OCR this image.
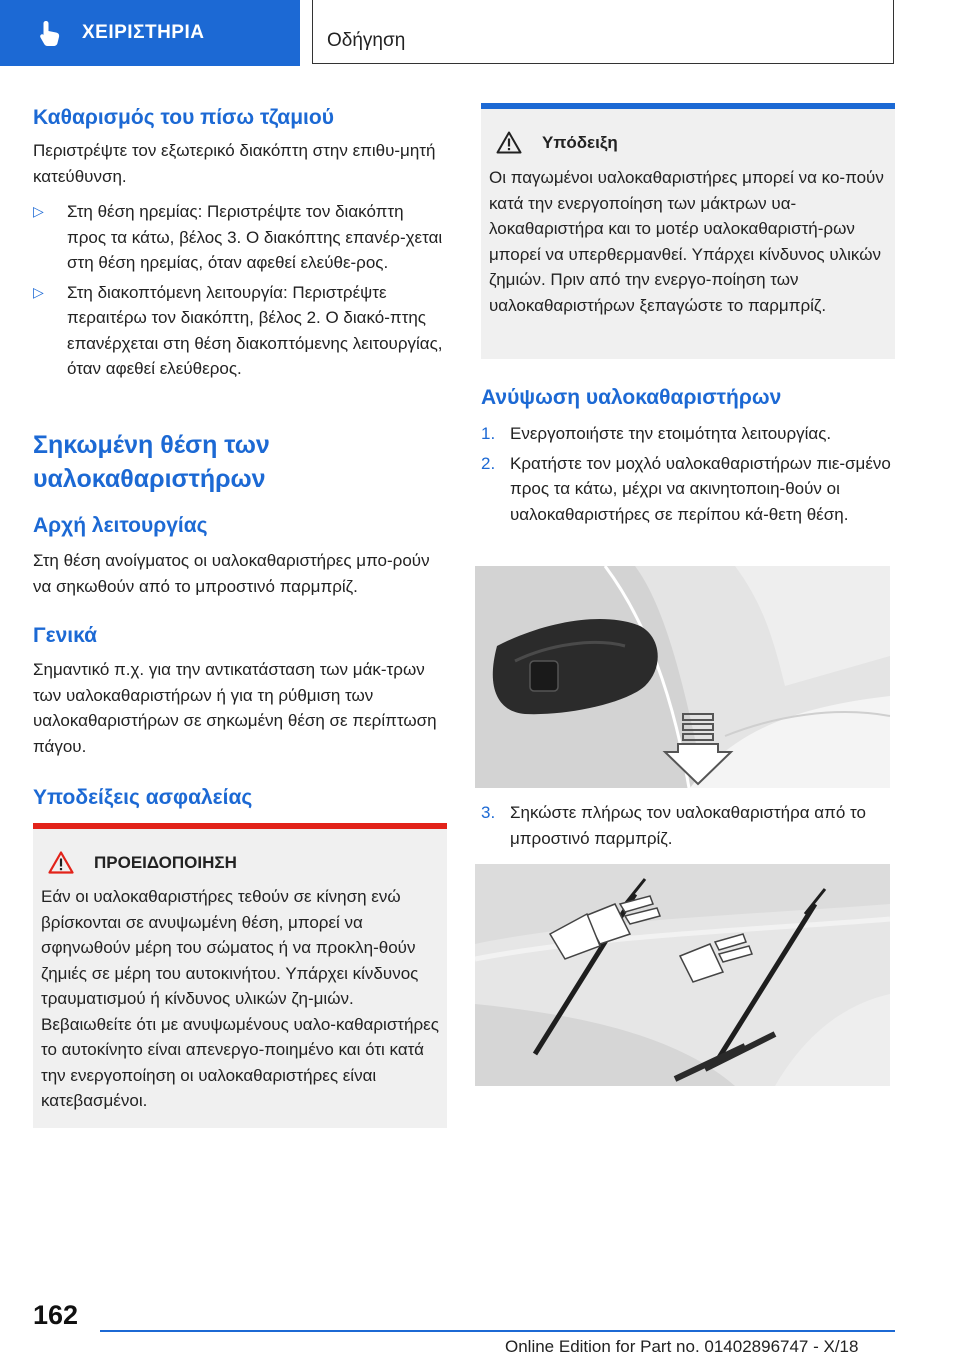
ΧΕΙΡΙΣΤΗΡΙΑ	Οδήγηση
Καθαρισμός του πίσω τζαμιού

Περιστρέψτε τον εξωτερικό διακόπτη στην επιθυ-μητή κατεύθυνση.

▷ Στη θέση ηρεμίας: Περιστρέψτε τον διακόπτη προς τα κάτω, βέλος 3. Ο διακόπτης επανέρ-χεται στη θέση ηρεμίας, όταν αφεθεί ελεύθε-ρος.
▷ Στη διακοπτόμενη λειτουργία: Περιστρέψτε περαιτέρω τον διακόπτη, βέλος 2. Ο διακό-πτης επανέρχεται στη θέση διακοπτόμενης λειτουργίας, όταν αφεθεί ελεύθερος.
Σηκωμένη θέση των υαλοκαθαριστήρων
Αρχή λειτουργίας

Στη θέση ανοίγματος οι υαλοκαθαριστήρες μπο-ρούν να σηκωθούν από το μπροστινό παρμπρίζ.

Γενικά

Σημαντικό π.χ. για την αντικατάσταση των μάκ-τρων των υαλοκαθαριστήρων ή για τη ρύθμιση των υαλοκαθαριστήρων σε σηκωμένη θέση σε περίπτωση πάγου.

Υποδείξεις ασφαλείας
ΠΡΟΕΙΔΟΠΟΙΗΣΗ
Εάν οι υαλοκαθαριστήρες τεθούν σε κίνηση ενώ βρίσκονται σε ανυψωμένη θέση, μπορεί να σφηνωθούν μέρη του σώματος ή να προκλη-θούν ζημιές σε μέρη του αυτοκινήτου. Υπάρχει κίνδυνος τραυματισμού ή κίνδυνος υλικών ζη-μιών. Βεβαιωθείτε ότι με ανυψωμένους υαλο-καθαριστήρες το αυτοκίνητο είναι απενεργο-ποιημένο και ότι κατά την ενεργοποίηση οι υαλοκαθαριστήρες είναι κατεβασμένοι.
Υπόδειξη
Οι παγωμένοι υαλοκαθαριστήρες μπορεί να κο-πούν κατά την ενεργοποίηση των μάκτρων υα-λοκαθαριστήρα και το μοτέρ υαλοκαθαριστή-ρων μπορεί να υπερθερμανθεί. Υπάρχει κίνδυνος υλικών ζημιών. Πριν από την ενεργο-ποίηση των υαλοκαθαριστήρων ξεπαγώστε το παρμπρίζ.
Ανύψωση υαλοκαθαριστήρων
1. Ενεργοποιήστε την ετοιμότητα λειτουργίας.
2. Κρατήστε τον μοχλό υαλοκαθαριστήρων πιε-σμένο προς τα κάτω, μέχρι να ακινητοποιη-θούν οι υαλοκαθαριστήρες σε περίπου κά-θετη θέση.
3. Σηκώστε πλήρως τον υαλοκαθαριστήρα από το μπροστινό παρμπρίζ.
162
Online Edition for Part no. 01402896747 - X/18
